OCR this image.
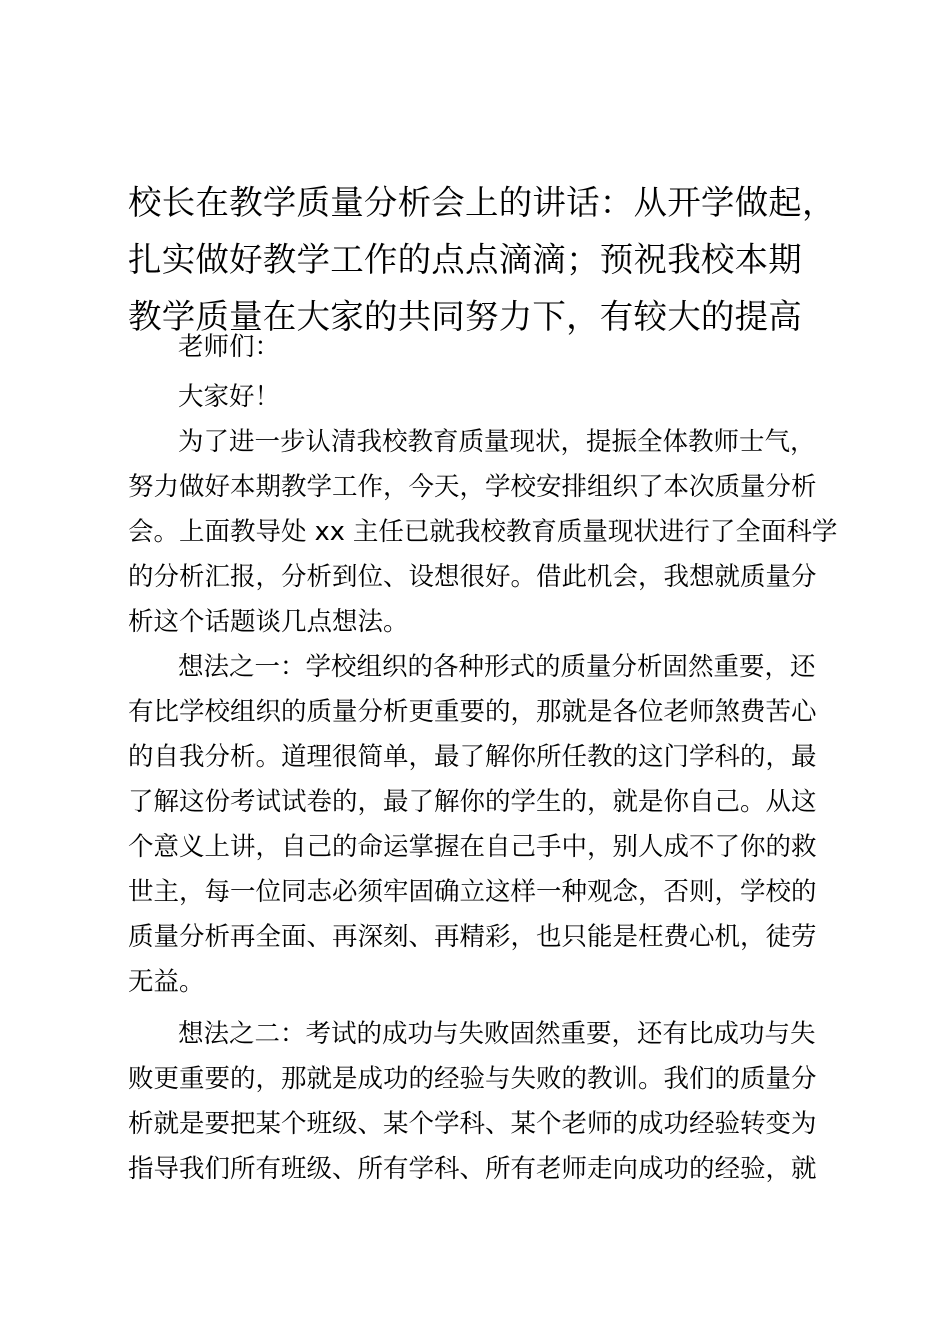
校长在教学质量分析会上的讲话：从开学做起，
扎实做好教学工作的点点滴滴；预祝我校本期
教学质量在大家的共同努力下，有较大的提高

老师们：

大家好！

为了进一步认清我校教育质量现状，提振全体教师士气，
努力做好本期教学工作，今天，学校安排组织了本次质量分析
会。上面教导处 xx 主任已就我校教育质量现状进行了全面科学
的分析汇报，分析到位、设想很好。借此机会，我想就质量分
析这个话题谈几点想法。

想法之一：学校组织的各种形式的质量分析固然重要，还
有比学校组织的质量分析更重要的，那就是各位老师煞费苦心
的自我分析。道理很简单，最了解你所任教的这门学科的，最
了解这份考试试卷的，最了解你的学生的，就是你自己。从这
个意义上讲，自己的命运掌握在自己手中，别人成不了你的救
世主，每一位同志必须牢固确立这样一种观念，否则，学校的
质量分析再全面、再深刻、再精彩，也只能是枉费心机，徒劳
无益。

想法之二：考试的成功与失败固然重要，还有比成功与失
败更重要的，那就是成功的经验与失败的教训。我们的质量分
析就是要把某个班级、某个学科、某个老师的成功经验转变为
指导我们所有班级、所有学科、所有老师走向成功的经验，就
